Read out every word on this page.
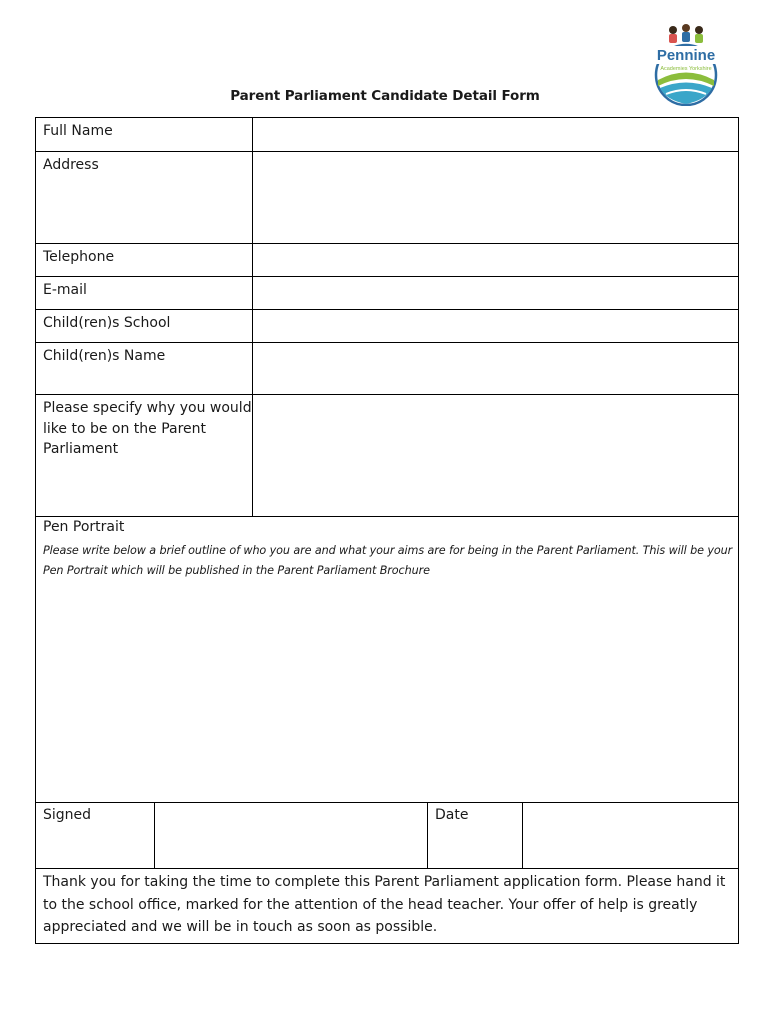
Pennine
Academies Yorkshire
Parent Parliament Candidate Detail Form
Full Name
Address
Telephone
E-mail
Child(ren)s School
Child(ren)s Name
Please specify why you would like to be on the Parent Parliament
Pen Portrait
Please write below a brief outline of who you are and what your aims are for being in the Parent Parliament. This will be your Pen Portrait which will be published in the Parent Parliament Brochure
Signed	Date
Thank you for taking the time to complete this Parent Parliament application form. Please hand it to the school office, marked for the attention of the head teacher. Your offer of help is greatly appreciated and we will be in touch as soon as possible.
